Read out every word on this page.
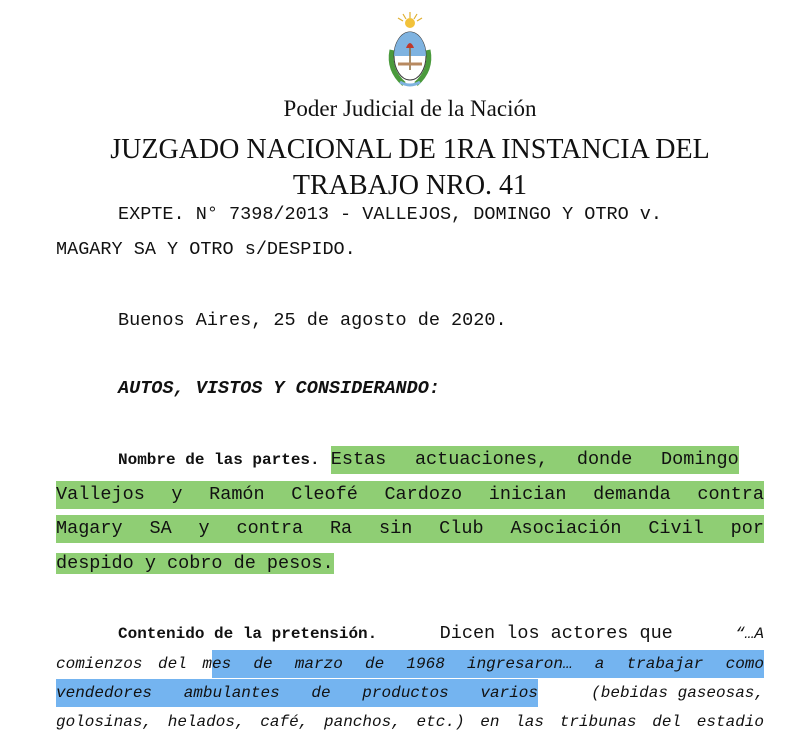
Poder Judicial de la Nación
JUZGADO NACIONAL DE 1RA INSTANCIA DEL
TRABAJO NRO. 41
EXPTE. N° 7398/2013 - VALLEJOS, DOMINGO Y OTRO v.
MAGARY SA Y OTRO s/DESPIDO.
Buenos Aires, 25 de agosto de 2020.
AUTOS, VISTOS Y CONSIDERANDO:
Nombre de las partes. Estas actuaciones, donde Domingo
Vallejos y Ramón Cleofé Cardozo inician demanda contra
Magary SA y contra Ra sin Club Asociación Civil por
despido y cobro de pesos.
Contenido de la pretensión.	Dicen los actores que	“…A
comienzos del m es de marzo de 1968 ingresaron… a trabajar como
vendedores ambulantes de productos varios	(bebidas gaseosas,
golosinas, helados, café, panchos, etc.) en las tribunas del estadio
